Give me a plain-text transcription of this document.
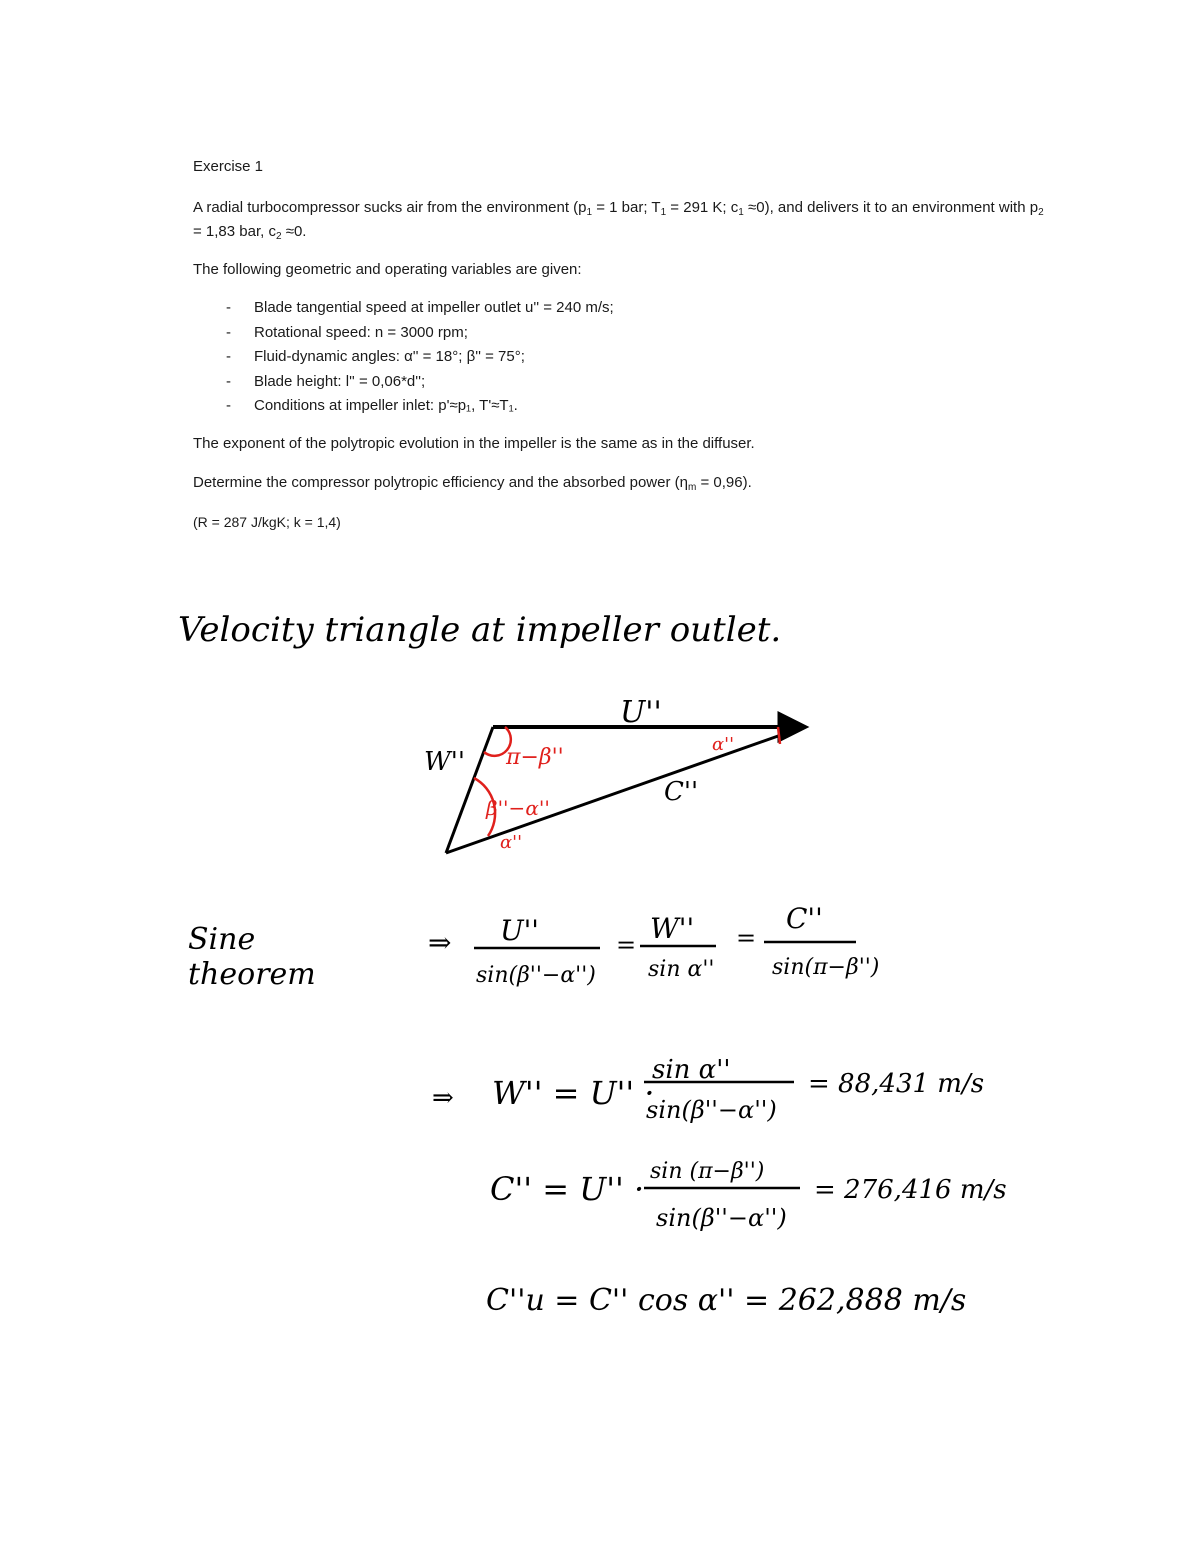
Exercise 1
A radial turbocompressor sucks air from the environment ($p_1 = 1$ bar; $T_1 = 291$ K; $c_1 \approx 0$), and delivers it to an environment with $p_2 = 1,83$ bar, $c_2 \approx 0$.
The following geometric and operating variables are given:
- Blade tangential speed at impeller outlet u'' = 240 m/s;
- Rotational speed: n = 3000 rpm;
- Fluid-dynamic angles: α'' = 18°; β'' = 75°;
- Blade height: l'' = 0,06*d'';
- Conditions at impeller inlet: p'≈p₁, T'≈T₁.
The exponent of the polytropic evolution in the impeller is the same as in the diffuser.
Determine the compressor polytropic efficiency and the absorbed power $(\eta_m = 0,96)$.
(R = 287 J/kgK; k = 1,4)
Velocity triangle at impeller outlet.
U''
W''
C''
α''
π−β''
β''−α''
α''
Sine theorem
⇒ U''
sin(β''−α'')
= W''
sin α''
=
C''
sin(π−β'')
⇒ W'' = U'' ·
sin α''
sin(β''−α'')
= 88,431 m/s
C'' = U'' · sin (π−β'')
sin(β''−α'')
= 276,416 m/s
C''u = C'' cos α'' = 262,888 m/s
